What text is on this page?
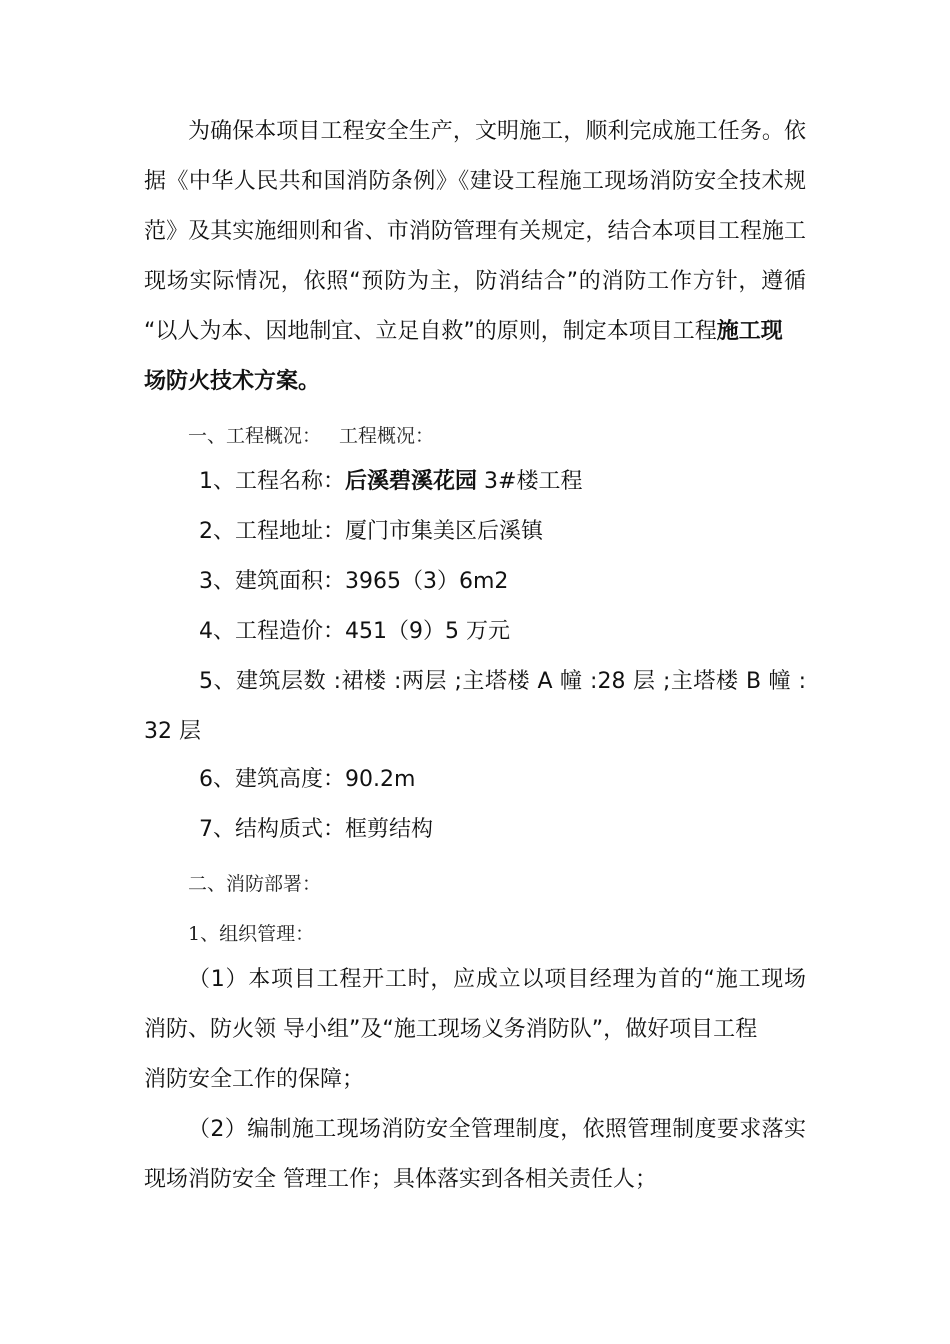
为确保本项目工程安全生产，文明施工，顺利完成施工任务。依
据《中华人民共和国消防条例》《建设工程施工现场消防安全技术规
范》及其实施细则和省、市消防管理有关规定，结合本项目工程施工
现场实际情况，依照“预防为主，防消结合”的消防工作方针，遵循
“以人为本、因地制宜、立足自救”的原则，制定本项目工程施工现
场防火技术方案。
一、工程概况： 工程概况：
1、工程名称：后溪碧溪花园 3#楼工程
2、工程地址：厦门市集美区后溪镇
3、建筑面积：3965（3）6m2
4、工程造价：451（9）5 万元
5、建筑层数 :裙楼 :两层 ;主塔楼 A 幢 :28 层 ;主塔楼 B 幢 :
32 层
6、建筑高度：90.2m
7、结构质式：框剪结构
二、消防部署：
1、组织管理：
（1）本项目工程开工时，应成立以项目经理为首的“施工现场
消防、防火领 导小组”及“施工现场义务消防队”，做好项目工程
消防安全工作的保障；
（2）编制施工现场消防安全管理制度，依照管理制度要求落实
现场消防安全 管理工作；具体落实到各相关责任人；
